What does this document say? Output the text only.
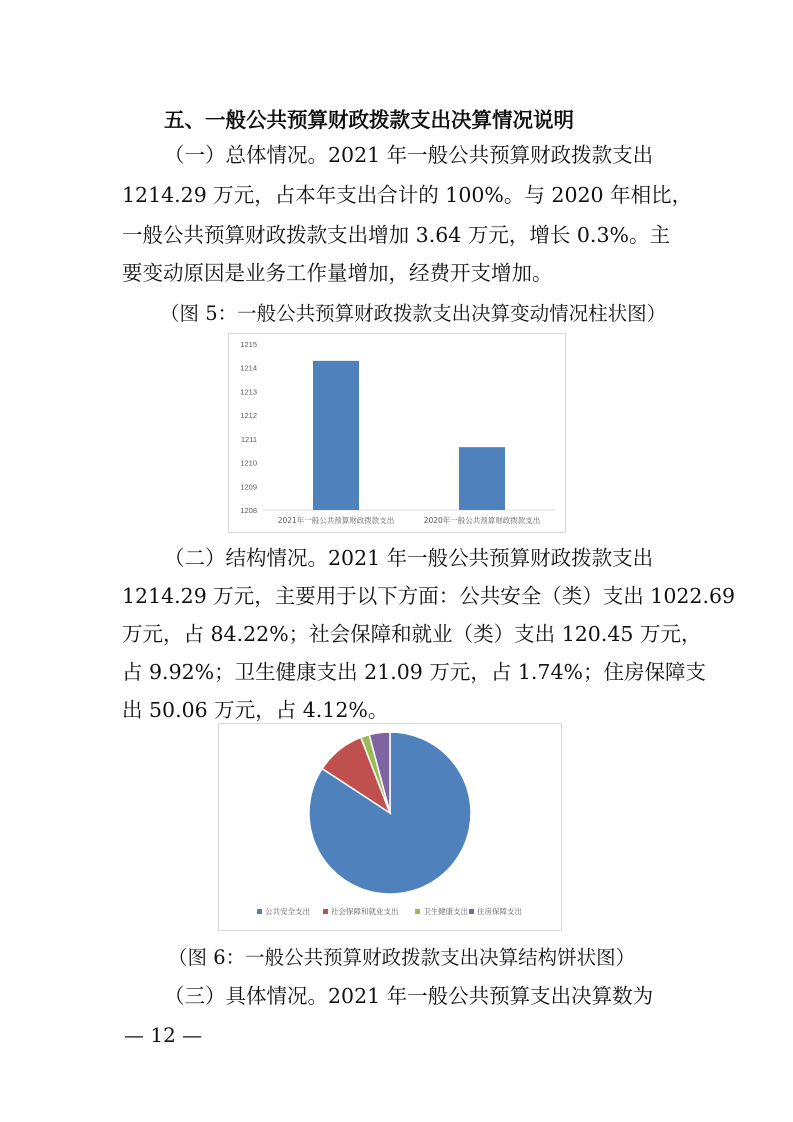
五、一般公共预算财政拨款支出决算情况说明
（一）总体情况。2021 年一般公共预算财政拨款支出
1214.29 万元，占本年支出合计的 100%。与 2020 年相比，
一般公共预算财政拨款支出增加 3.64 万元，增长 0.3%。主
要变动原因是业务工作量增加，经费开支增加。
（图 5：一般公共预算财政拨款支出决算变动情况柱状图）
1208
1209
1210
1211
1212
1213
1214
1215
2021年一般公共预算财政拨款支出	2020年一般公共预算财政拨款支出
（二）结构情况。2021 年一般公共预算财政拨款支出
1214.29 万元，主要用于以下方面：公共安全（类）支出 1022.69
万元，占 84.22%；社会保障和就业（类）支出 120.45 万元，
占 9.92%；卫生健康支出 21.09 万元，占 1.74%；住房保障支
出 50.06 万元，占 4.12%。
公共安全支出	社会保障和就业支出	卫生健康支出 住房保障支出
（图 6：一般公共预算财政拨款支出决算结构饼状图）
（三）具体情况。2021 年一般公共预算支出决算数为
— 12 —
